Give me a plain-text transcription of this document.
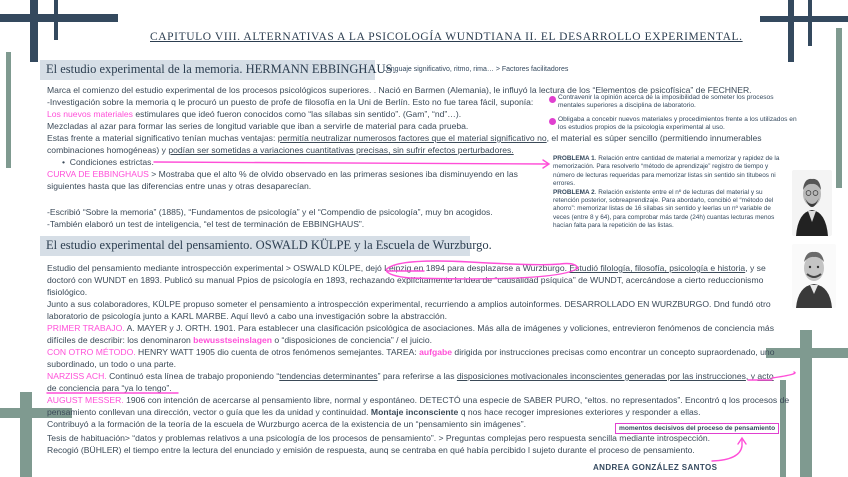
CAPITULO VIII. ALTERNATIVAS A LA PSICOLOGÍA WUNDTIANA II. EL DESARROLLO EXPERIMENTAL.
El estudio experimental de la memoria. HERMANN EBBINGHAUS.
Lenguaje significativo, ritmo, rima… > Factores facilitadores
Marca el comienzo del estudio experimental de los procesos psicológicos superiores. . Nació en Barmen (Alemania), le influyó la lectura de los “Elementos de psicofísica” de FECHNER.
-Investigación sobre la memoria q le procuró un puesto de profe de filosofía en la Uni de Berlín. Esto no fue tarea fácil, suponía:
Los nuevos materiales estimulares que ideó fueron conocidos como “las sílabas sin sentido”. (Gam”, “nd”…).
Mezcladas al azar para formar las series de longitud variable que iban a servirle de material para cada prueba.
Estas frente a material significativo tenían muchas ventajas: permitía neutralizar numerosos factores que el material significativo no, el material es súper sencillo (permitiendo innumerables
combinaciones homogéneas) y podían ser sometidas a variaciones cuantitativas precisas, sin sufrir efectos perturbadores.
•  Condiciones estrictas.
CURVA DE EBBINGHAUS > Mostraba que el alto % de olvido observado en las primeras sesiones iba disminuyendo en las
siguientes hasta que las diferencias entre unas y otras desaparecían.
-Escribió “Sobre la memoria” (1885), “Fundamentos de psicología” y el “Compendio de psicología”, muy bn acogidos.
-También elaboró un test de inteligencia, “el test de terminación de EBBINGHAUS”.
Contravenir la opinión acerca de la imposibilidad de someter los procesos mentales superiores a disciplina de laboratorio.
Obligaba a concebir nuevos materiales y procedimientos frente a los utilizados en los estudios propios de la psicología experimental al uso.
PROBLEMA 1. Relación entre cantidad de material a memorizar y rapidez de la memorización. Para resolverlo “método de aprendizaje” registro de tiempo y número de lecturas requeridas para memorizar listas sin sentido sin titubeos ni errores.
PROBLEMA 2. Relación existente entre el nº de lecturas del material y su retención posterior, sobreaprendizaje. Para abordarlo, concibió el “método del ahorro”: memorizar listas de 16 sílabas sin sentido y leerlas un nº variable de veces (entre 8 y 64), para comprobar más tarde (24h) cuantas lecturas menos hacían falta para la repetición de las listas.
El estudio experimental del pensamiento. OSWALD KÜLPE y la Escuela de Wurzburgo.
Estudio del pensamiento mediante introspección experimental > OSWALD KÜLPE, dejó Leipzig en 1894 para desplazarse a Wurzburgo. Estudió filología, filosofía, psicología e historia, y se
doctoró con WUNDT en 1893. Publicó su manual Ppios de psicología en 1893, rechazando explícitamente la idea de “causalidad psíquica” de WUNDT, acercándose a cierto reduccionismo
fisiológico.
Junto a sus colaboradores, KÜLPE propuso someter el pensamiento a introspección experimental, recurriendo a amplios autoinformes. DESARROLLADO EN WURZBURGO. Dnd fundó otro
laboratorio de psicología junto a KARL MARBE. Aquí llevó a cabo una investigación sobre la abstracción.
PRIMER TRABAJO. A. MAYER y J. ORTH. 1901. Para establecer una clasificación psicológica de asociaciones. Más alla de imágenes y voliciones, entrevieron fenómenos de conciencia más
difíciles de describir: los denominaron bewusstseinslagen o “disposiciones de conciencia” / el juicio.
CON OTRO MÉTODO. HENRY WATT 1905 dio cuenta de otros fenómenos semejantes. TAREA: aufgabe dirigida por instrucciones precisas como encontrar un concepto supraordenado, uno
subordinado, un todo o una parte.
NARZISS ACH. Continuó esta línea de trabajo proponiendo “tendencias determinantes” para referirse a las disposiciones motivacionales inconscientes generadas por las instrucciones, y acto
de conciencia para “ya lo tengo”.
AUGUST MESSER. 1906 con intención de acercarse al pensamiento libre, normal y espontáneo. DETECTÓ una especie de SABER PURO, “eltos. no representados”. Encontró q los procesos de
pensamiento conllevan una dirección, vector o guía que les da unidad y continuidad. Montaje inconsciente q nos hace recoger impresiones exteriores y responder a ellas.
Contribuyó a la formación de la teoría de la escuela de Wurzburgo acerca de la existencia de un “pensamiento sin imágenes”.
Tesis de habituación> “datos y problemas relativos a una psicología de los procesos de pensamiento”. > Preguntas complejas pero respuesta sencilla mediante introspección.
Recogió (BÜHLER) el tiempo entre la lectura del enunciado y emisión de respuesta, aunq se centraba en qué había percibido l sujeto durante el proceso de pensamiento.
momentos decisivos del proceso de pensamiento
ANDREA GONZÁLEZ SANTOS
